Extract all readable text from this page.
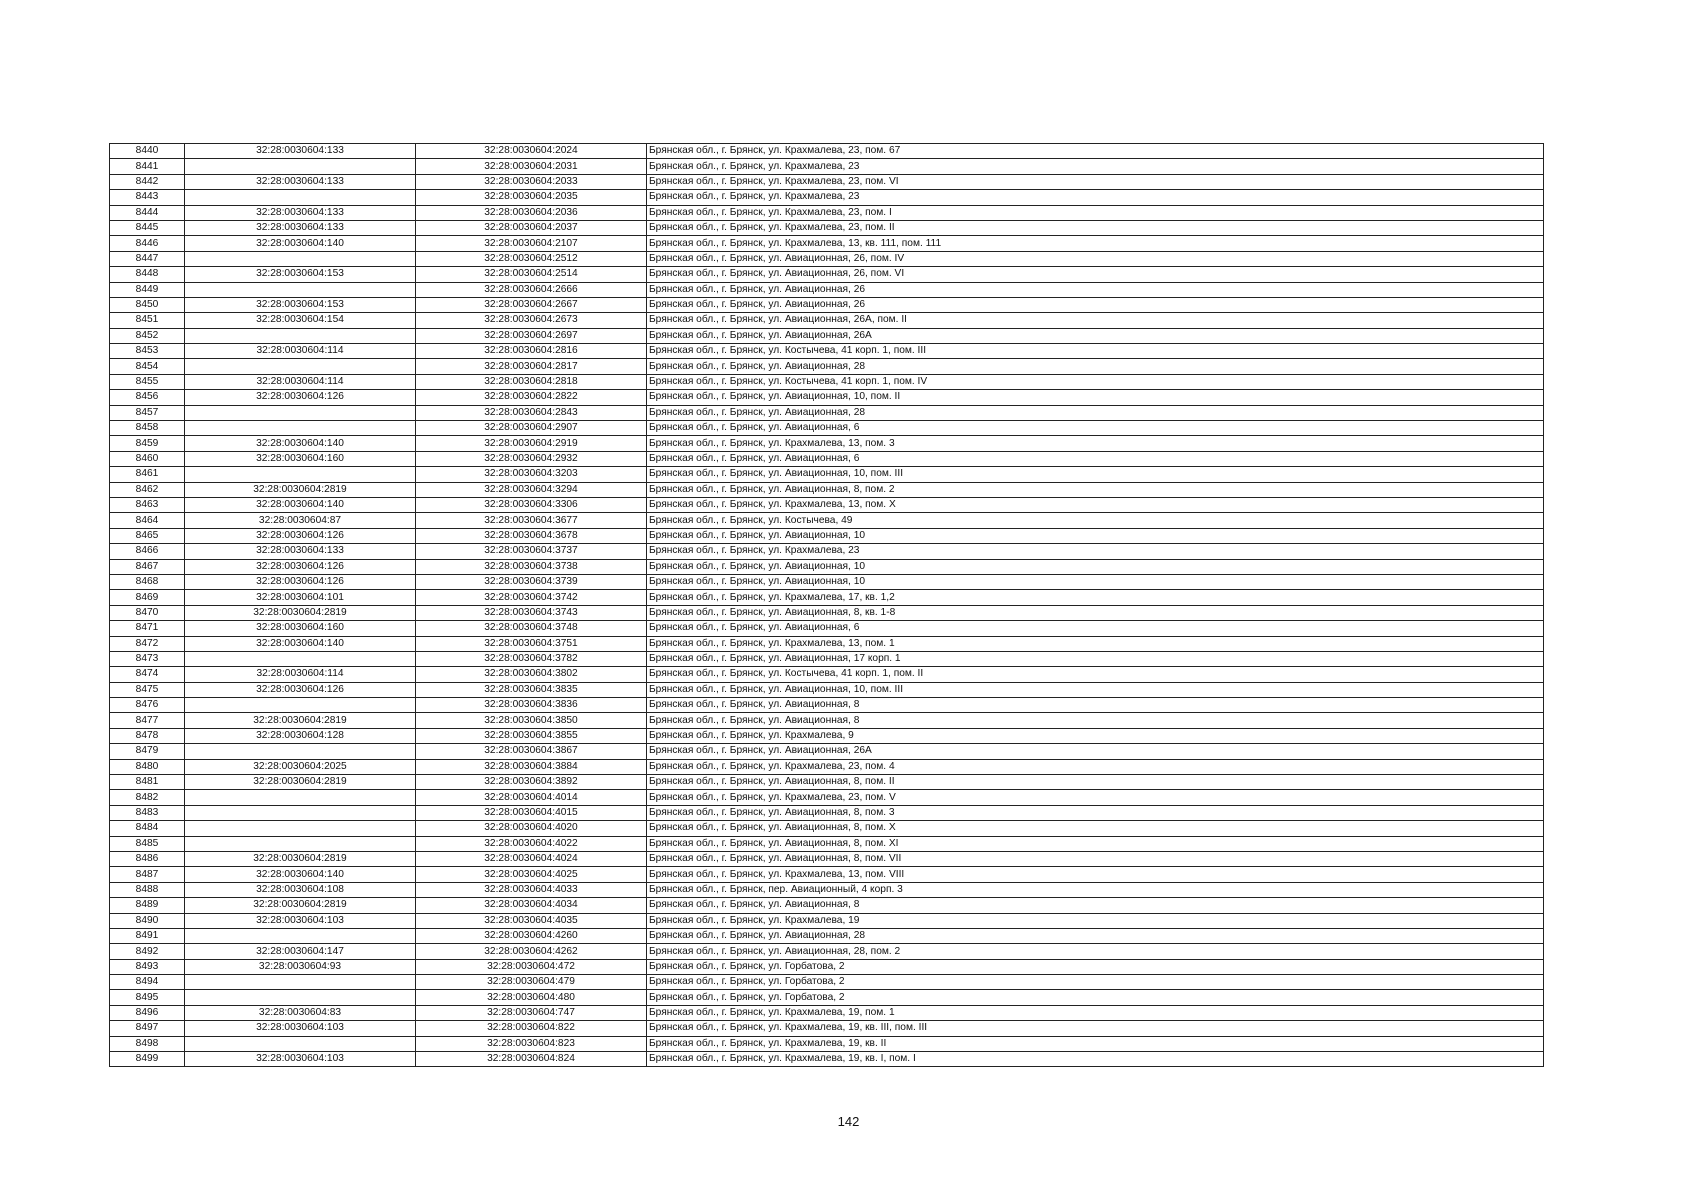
8440	32:28:0030604:133	32:28:0030604:2024	Брянская обл., г. Брянск, ул. Крахмалева, 23, пом. 67
8441		32:28:0030604:2031	Брянская обл., г. Брянск, ул. Крахмалева, 23
8442	32:28:0030604:133	32:28:0030604:2033	Брянская обл., г. Брянск, ул. Крахмалева, 23, пом. VI
8443		32:28:0030604:2035	Брянская обл., г. Брянск, ул. Крахмалева, 23
8444	32:28:0030604:133	32:28:0030604:2036	Брянская обл., г. Брянск, ул. Крахмалева, 23, пом. I
8445	32:28:0030604:133	32:28:0030604:2037	Брянская обл., г. Брянск, ул. Крахмалева, 23, пом. II
8446	32:28:0030604:140	32:28:0030604:2107	Брянская обл., г. Брянск, ул. Крахмалева, 13, кв. 111, пом. 111
8447		32:28:0030604:2512	Брянская обл., г. Брянск, ул. Авиационная, 26, пом. IV
8448	32:28:0030604:153	32:28:0030604:2514	Брянская обл., г. Брянск, ул. Авиационная, 26, пом. VI
8449		32:28:0030604:2666	Брянская обл., г. Брянск, ул. Авиационная, 26
8450	32:28:0030604:153	32:28:0030604:2667	Брянская обл., г. Брянск, ул. Авиационная, 26
8451	32:28:0030604:154	32:28:0030604:2673	Брянская обл., г. Брянск, ул. Авиационная, 26А, пом. II
8452		32:28:0030604:2697	Брянская обл., г. Брянск, ул. Авиационная, 26А
8453	32:28:0030604:114	32:28:0030604:2816	Брянская обл., г. Брянск, ул. Костычева, 41 корп. 1, пом. III
8454		32:28:0030604:2817	Брянская обл., г. Брянск, ул. Авиационная, 28
8455	32:28:0030604:114	32:28:0030604:2818	Брянская обл., г. Брянск, ул. Костычева, 41 корп. 1, пом. IV
8456	32:28:0030604:126	32:28:0030604:2822	Брянская обл., г. Брянск, ул. Авиационная, 10, пом. II
8457		32:28:0030604:2843	Брянская обл., г. Брянск, ул. Авиационная, 28
8458		32:28:0030604:2907	Брянская обл., г. Брянск, ул. Авиационная, 6
8459	32:28:0030604:140	32:28:0030604:2919	Брянская обл., г. Брянск, ул. Крахмалева, 13, пом. 3
8460	32:28:0030604:160	32:28:0030604:2932	Брянская обл., г. Брянск, ул. Авиационная, 6
8461		32:28:0030604:3203	Брянская обл., г. Брянск, ул. Авиационная, 10, пом. III
8462	32:28:0030604:2819	32:28:0030604:3294	Брянская обл., г. Брянск, ул. Авиационная, 8, пом. 2
8463	32:28:0030604:140	32:28:0030604:3306	Брянская обл., г. Брянск, ул. Крахмалева, 13, пом. X
8464	32:28:0030604:87	32:28:0030604:3677	Брянская обл., г. Брянск, ул. Костычева, 49
8465	32:28:0030604:126	32:28:0030604:3678	Брянская обл., г. Брянск, ул. Авиационная, 10
8466	32:28:0030604:133	32:28:0030604:3737	Брянская обл., г. Брянск, ул. Крахмалева, 23
8467	32:28:0030604:126	32:28:0030604:3738	Брянская обл., г. Брянск, ул. Авиационная, 10
8468	32:28:0030604:126	32:28:0030604:3739	Брянская обл., г. Брянск, ул. Авиационная, 10
8469	32:28:0030604:101	32:28:0030604:3742	Брянская обл., г. Брянск, ул. Крахмалева, 17, кв. 1,2
8470	32:28:0030604:2819	32:28:0030604:3743	Брянская обл., г. Брянск, ул. Авиационная, 8, кв. 1-8
8471	32:28:0030604:160	32:28:0030604:3748	Брянская обл., г. Брянск, ул. Авиационная, 6
8472	32:28:0030604:140	32:28:0030604:3751	Брянская обл., г. Брянск, ул. Крахмалева, 13, пом. 1
8473		32:28:0030604:3782	Брянская обл., г. Брянск, ул. Авиационная, 17 корп. 1
8474	32:28:0030604:114	32:28:0030604:3802	Брянская обл., г. Брянск, ул. Костычева, 41 корп. 1, пом. II
8475	32:28:0030604:126	32:28:0030604:3835	Брянская обл., г. Брянск, ул. Авиационная, 10, пом. III
8476		32:28:0030604:3836	Брянская обл., г. Брянск, ул. Авиационная, 8
8477	32:28:0030604:2819	32:28:0030604:3850	Брянская обл., г. Брянск, ул. Авиационная, 8
8478	32:28:0030604:128	32:28:0030604:3855	Брянская обл., г. Брянск, ул. Крахмалева, 9
8479		32:28:0030604:3867	Брянская обл., г. Брянск, ул. Авиационная, 26А
8480	32:28:0030604:2025	32:28:0030604:3884	Брянская обл., г. Брянск, ул. Крахмалева, 23, пом. 4
8481	32:28:0030604:2819	32:28:0030604:3892	Брянская обл., г. Брянск, ул. Авиационная, 8, пом. II
8482		32:28:0030604:4014	Брянская обл., г. Брянск, ул. Крахмалева, 23, пом. V
8483		32:28:0030604:4015	Брянская обл., г. Брянск, ул. Авиационная, 8, пом. 3
8484		32:28:0030604:4020	Брянская обл., г. Брянск, ул. Авиационная, 8, пом. X
8485		32:28:0030604:4022	Брянская обл., г. Брянск, ул. Авиационная, 8, пом. XI
8486	32:28:0030604:2819	32:28:0030604:4024	Брянская обл., г. Брянск, ул. Авиационная, 8, пом. VII
8487	32:28:0030604:140	32:28:0030604:4025	Брянская обл., г. Брянск, ул. Крахмалева, 13, пом. VIII
8488	32:28:0030604:108	32:28:0030604:4033	Брянская обл., г. Брянск, пер. Авиационный, 4 корп. 3
8489	32:28:0030604:2819	32:28:0030604:4034	Брянская обл., г. Брянск, ул. Авиационная, 8
8490	32:28:0030604:103	32:28:0030604:4035	Брянская обл., г. Брянск, ул. Крахмалева, 19
8491		32:28:0030604:4260	Брянская обл., г. Брянск, ул. Авиационная, 28
8492	32:28:0030604:147	32:28:0030604:4262	Брянская обл., г. Брянск, ул. Авиационная, 28, пом. 2
8493	32:28:0030604:93	32:28:0030604:472	Брянская обл., г. Брянск, ул. Горбатова, 2
8494		32:28:0030604:479	Брянская обл., г. Брянск, ул. Горбатова, 2
8495		32:28:0030604:480	Брянская обл., г. Брянск, ул. Горбатова, 2
8496	32:28:0030604:83	32:28:0030604:747	Брянская обл., г. Брянск, ул. Крахмалева, 19, пом. 1
8497	32:28:0030604:103	32:28:0030604:822	Брянская обл., г. Брянск, ул. Крахмалева, 19, кв. III, пом. III
8498		32:28:0030604:823	Брянская обл., г. Брянск, ул. Крахмалева, 19, кв. II
8499	32:28:0030604:103	32:28:0030604:824	Брянская обл., г. Брянск, ул. Крахмалева, 19, кв. I, пом. I
142
